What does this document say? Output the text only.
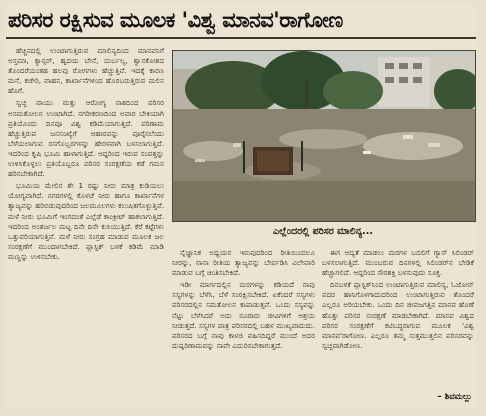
ಪರಿಸರ ರಕ್ಷಿಸುವ ಮೂಲಕ 'ವಿಶ್ವ ಮಾನವ'ರಾಗೋಣ

ಹೆಚ್ಚಿನದಲ್ಲಿ ಉಂಟಾಗುತ್ತಿರುವ ಮಾಲಿನ್ಯದಿಂದ ಮಾನವನಿಗೆ ಅಸ್ತಮಾ, ಕ್ಯಾನ್ಸರ್, ಹೃದಯ ಬೇನೆ, ದುರ್ಬಲ್ಯ, ಶ್ವಾಸಕೋಶದ ತೊಂದರೆಯಂತಹ ಹಲವು ರೋಗಗಳು ಹೆಚ್ಚುತ್ತಿವೆ. ಇದಕ್ಕೆ ಕಾರಣ ಮನೆ, ಕಚೇರಿ, ವಾಹನ, ಕಾರ್ಖಾನೆಗಳಿಂದ ಹೊರಬರುತ್ತಿರುವ ಮಲಿನ ಹೊಗೆ.

ಸ್ವಚ್ಛ ವಾಯು ಮತ್ತು ಆರೋಗ್ಯ ನಾಶದಿಂದ ಪರಿಸರ ಅಸಮತೋಲನ ಉಂಟಾಗಿದೆ. ನಗರೀಕರಣದಿಂದ ಅವಾರ ಬೇಕಿಯಾಗಿ ಪ್ರತಿಯೊಂದು ದಿನವೂ ವಿಶ್ವ ಕಡಿಮೆಯಾಗುತ್ತಿದೆ. ಪರಿಣಾಮ ಹೆಚ್ಚುತ್ತಿರುವ ಜನಸಂಖ್ಯೆಗೆ ಆಹಾರವನ್ನು ಪೂರೈಸಲೆಂದು ಬೆಳೆಯಲಾಗುವ ರಸಗೊಬ್ಬರಗಳನ್ನು ಹೇರಳವಾಗಿ ಬಳಸಲಾಗುತ್ತಿದೆ. ಇದರಿಂದ ಕೃಷಿ ಭೂಮಿ ಹಾಳಾಗುತ್ತಿದೆ. ಆದ್ದರಿಂದ ಇರುವ ಸಂಪತ್ತನ್ನು ಉಳಿಸಿಕೊಳ್ಳಲು ಪ್ರತಿಯೊಬ್ಬರೂ ಪರಿಸರ ಸಂರಕ್ಷಣೆಯ ಕಡೆ ಗಮನ ಹರಿಸಬೇಕಾಗಿದೆ.

ಭೂಮಿಯ ಮೇಲಿನ ಶೇ 1 ರಷ್ಟು ನೀರು ಮಾತ್ರ ಕುಡಿಯಲು ಯೋಗ್ಯವಾಗಿದೆ. ನಗರಗಳಲ್ಲಿ ಕೊಳಚೆ ನೀರು ಹಾಗೂ ಕಾರ್ಖಾನೆಗಳ ತ್ಯಾಜ್ಯವನ್ನು ಹರಿಬಿಡುವುದರಿಂದ ಜಲಮೂಲಗಳು ಕಲುಷಿತಗೊಳ್ಳುತ್ತಿವೆ. ಮಳೆ ನೀರು ಭೂಮಿಗೆ ಇಂಗದಂತೆ ಎಲ್ಲೆಡೆ ಕಾಂಕ್ರೀಟ್ ಹಾಕಲಾಗುತ್ತಿದೆ. ಇದರಿಂದ ಅಂತರ್ಜಲ ಮಟ್ಟ ದಿನೇ ದಿನೇ ಕುಸಿಯುತ್ತಿದೆ. ಕೆರೆ ಕಟ್ಟೆಗಳು ಒತ್ತುವರಿಯಾಗುತ್ತಿವೆ. ಮಳೆ ನೀರು ಸಂಗ್ರಹ ಮಾಡುವ ಮೂಲಕ ಜಲ ಸಂರಕ್ಷಣೆಗೆ ಮುಂದಾಗಬೇಕಿದೆ. ಪ್ಲಾಸ್ಟಿಕ್ ಬಳಕೆ ಕಡಿಮೆ ಮಾಡಿ ಮಣ್ಣನ್ನು ಉಳಿಸಬೇಕು.

ಎಲ್ಲೆಂದರಲ್ಲಿ ಪರಿಸರ ಮಾಲಿನ್ಯ...

ನೈಜ್ಞಾನಿಕ ಅಧ್ಯಯನ ಇರುವುದರಿಂದ ರೀತಿಯಿಂದಲೂ ನೀರನ್ನು, ನಾನಾ ರೀತಿಯ ತ್ಯಾಜ್ಯವನ್ನು ಬೇರ್ಪಡಿಸಿ ವಿಲೇವಾರಿ ಮಾಡುವ ಬಗ್ಗೆ ಚಿಂತಿಸಬೇಕಿದೆ.

ಇಡೀ ಮಾರ್ಗದಲ್ಲಿನ ಮರಗಳನ್ನು ಕಡಿಯದೆ ನಾವು ಸಸ್ಯಗಳನ್ನು ಬೆಳೆಸಿ, ಬೆಳೆ ಸಂರಕ್ಷಿಸಬೇಕಿದೆ. ಏಕೆಂದರೆ ಸಸ್ಯಗಳು ಪರಿಸರದಲ್ಲಿನ ಸಮತೋಲನ ಕಾಪಾಡುತ್ತವೆ. ಒಂದು ಸಸ್ಯವನ್ನು ನೆಟ್ಟು ಬೆಳೆಸಿದರೆ ಅದು ನೂರಾರು ಜೀವಿಗಳಿಗೆ ಆಶ್ರಯ ನೀಡುತ್ತದೆ. ಸಸ್ಯಗಳ ಪಾತ್ರ ಪರಿಸರದಲ್ಲಿ ಬಹಳ ಮುಖ್ಯವಾದುದು. ಪರಿಸರದ ಬಗ್ಗೆ ನಾವು ಕಾಳಜಿ ವಹಿಸದಿದ್ದರೆ ಮುಂದೆ ಅದರ ದುಷ್ಪರಿಣಾಮವನ್ನು ನಾವೇ ಎದುರಿಸಬೇಕಾಗುತ್ತದೆ.

ಈಗ ಆದ್ಯತೆ ಮಾಡಲು ಮರಗಳ ಬದಲಿಗೆ ಗ್ಯಾಸ್ ಸಿಲಿಂಡರ್ ಬಳಸಲಾಗುತ್ತಿದೆ. ಮುಂಬರುವ ದಿನಗಳಲ್ಲಿ ಸಿಲಿಂಡರ್‌ನ ಬೇಡಿಕೆ ಹೆಚ್ಚಾಗಲಿದೆ. ಆದ್ದರಿಂದ ಸೌರಶಕ್ತಿ ಬಳಸುವುದು ಸೂಕ್ತ.

ದಿನಬಳಕೆ ಪ್ಲಾಸ್ಟಿಕ್‌ನಿಂದ ಉಂಟಾಗುತ್ತಿರುವ ಮಾಲಿನ್ಯ, ಓಜೋನ್ ಪದರ ಹಾನಿಗೊಳಗಾದುದರಿಂದ ಉಂಟಾಗುತ್ತಿರುವ ತೊಂದರೆ ಎಲ್ಲರೂ ಅರಿಯಬೇಕು. ಒಂದು ದಿನ ಜೀವಜಗತ್ತಿನ ಮಾನವ ಹೊಣೆ ಹೊತ್ತು ಪರಿಸರ ಸಂರಕ್ಷಣೆ ಮಾಡಬೇಕಾಗಿದೆ. ಮಾನವ ವಿಶ್ವದ ಪರಿಸರ ಸಂರಕ್ಷಣೆಗೆ ಕಟಿಬದ್ಧರಾಗುವ ಮೂಲಕ 'ವಿಶ್ವ ಮಾನವ'ರಾಗೋಣ. ಎಲ್ಲರೂ ತಮ್ಮ ಸುತ್ತಮುತ್ತಲಿನ ಪರಿಸರವನ್ನು ಸ್ವಚ್ಛವಾಗಿಡೋಣ.

– ಶಿವಮಲ್ಲು
